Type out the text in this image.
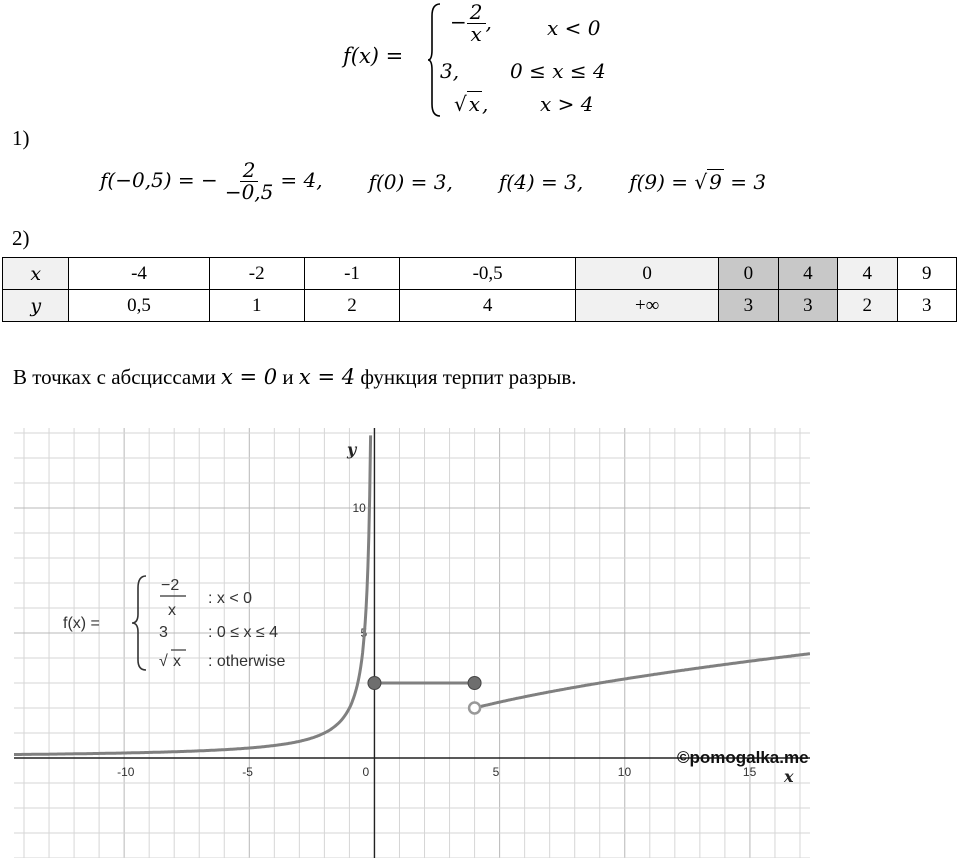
f(x) =
− $\frac{2}{x}$ ,	x < 0
3,	0 ≤ x ≤ 4
√ x ,	x > 4
1)
f(−0,5) = − $\frac{2}{-0,5} = 4$, f(0) = 3, f(4) = 3, f(9) = √ 9 = 3
2)
x	-4	-2	-1	-0,5	0	0	4	4	9
y	0,5	1	2	4	+∞	3	3	2	3
В точках с абсциссами x = 0 и x = 4 функция терпит разрыв.
-10	-5	0	5	10	15
5
10
f(x) =
−2
x
: x < 0
3	: 0 ≤ x ≤ 4
√ x : otherwise
y
x
©pomogalka.me
